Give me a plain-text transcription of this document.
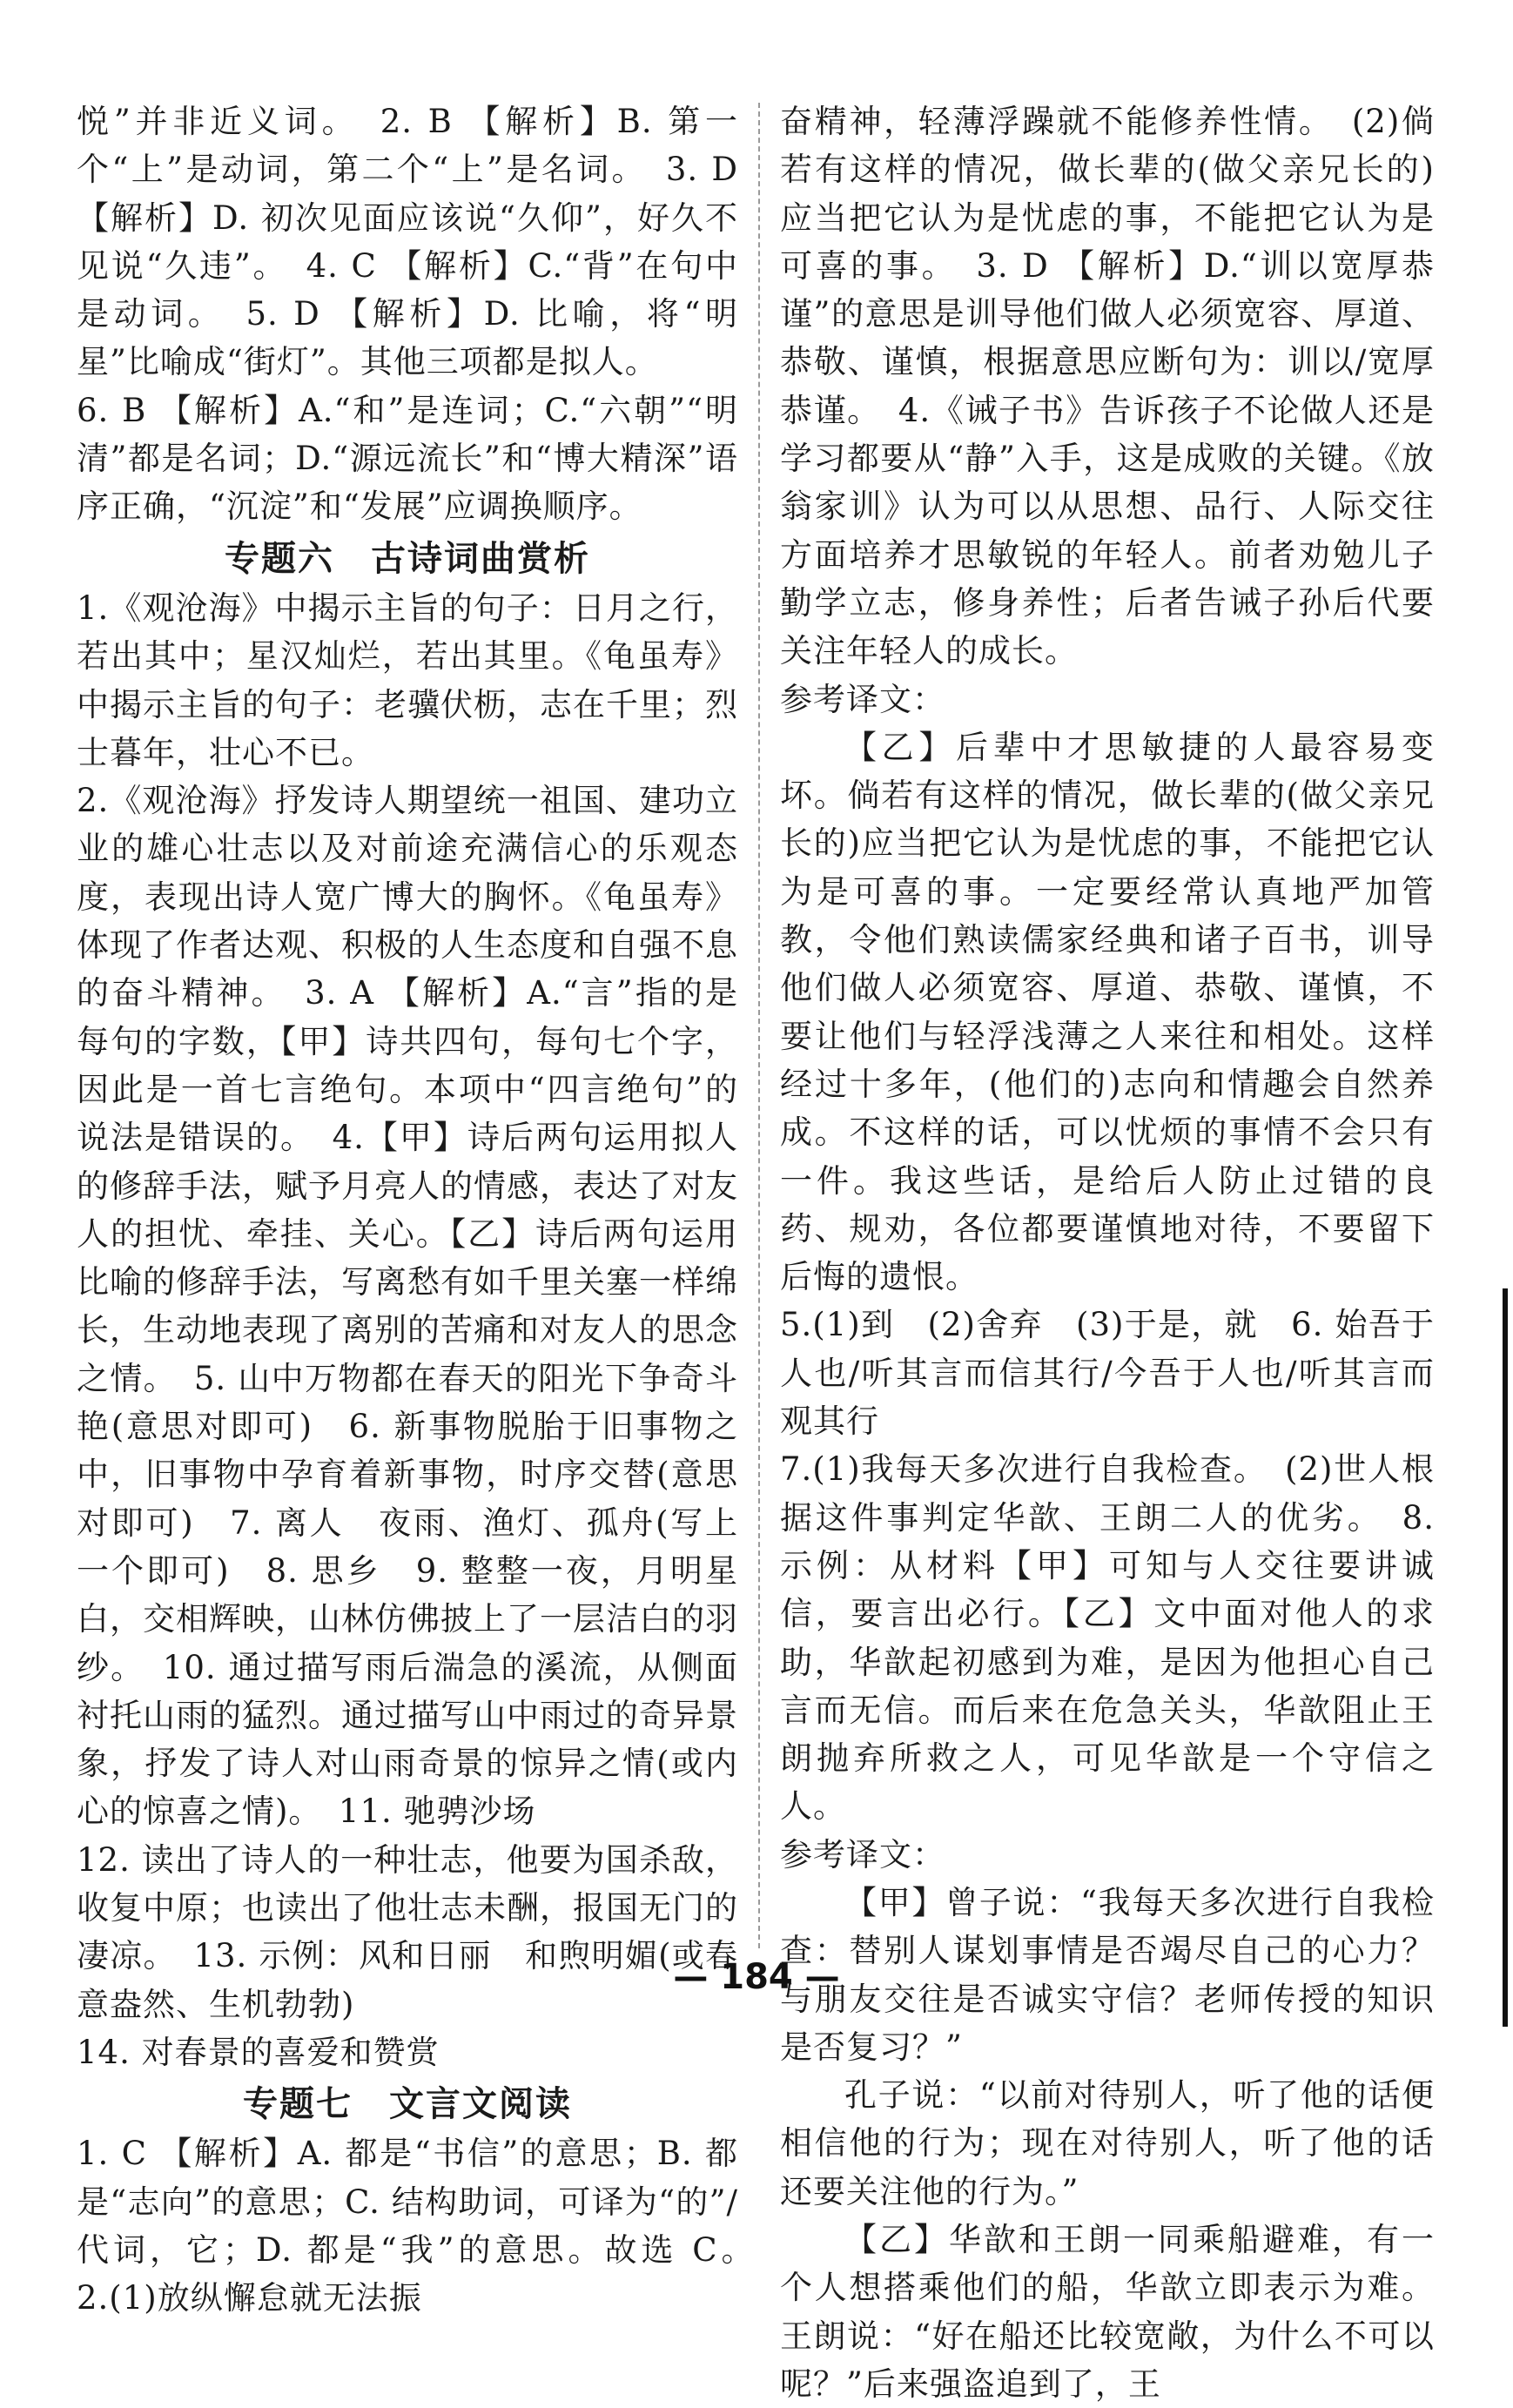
悦”并非近义词。　2. B 【解析】B. 第一个“上”是动词，第二个“上”是名词。　3. D 【解析】D. 初次见面应该说“久仰”，好久不见说“久违”。　4. C 【解析】C.“背”在句中是动词。　5. D 【解析】D. 比喻，将“明星”比喻成“街灯”。其他三项都是拟人。

6. B 【解析】A.“和”是连词；C.“六朝”“明清”都是名词；D.“源远流长”和“博大精深”语序正确，“沉淀”和“发展”应调换顺序。

专题六　古诗词曲赏析

1.《观沧海》中揭示主旨的句子：日月之行，若出其中；星汉灿烂，若出其里。《龟虽寿》中揭示主旨的句子：老骥伏枥，志在千里；烈士暮年，壮心不已。

2.《观沧海》抒发诗人期望统一祖国、建功立业的雄心壮志以及对前途充满信心的乐观态度，表现出诗人宽广博大的胸怀。《龟虽寿》体现了作者达观、积极的人生态度和自强不息的奋斗精神。　3. A 【解析】A.“言”指的是每句的字数，【甲】诗共四句，每句七个字，因此是一首七言绝句。本项中“四言绝句”的说法是错误的。　4.【甲】诗后两句运用拟人的修辞手法，赋予月亮人的情感，表达了对友人的担忧、牵挂、关心。【乙】诗后两句运用比喻的修辞手法，写离愁有如千里关塞一样绵长，生动地表现了离别的苦痛和对友人的思念之情。　5. 山中万物都在春天的阳光下争奇斗艳(意思对即可)　6. 新事物脱胎于旧事物之中，旧事物中孕育着新事物，时序交替(意思对即可)　7. 离人　夜雨、渔灯、孤舟(写上一个即可)　8. 思乡　9. 整整一夜，月明星白，交相辉映，山林仿佛披上了一层洁白的羽纱。　10. 通过描写雨后湍急的溪流，从侧面衬托山雨的猛烈。通过描写山中雨过的奇异景象，抒发了诗人对山雨奇景的惊异之情(或内心的惊喜之情)。　11. 驰骋沙场

12. 读出了诗人的一种壮志，他要为国杀敌，收复中原；也读出了他壮志未酬，报国无门的凄凉。　13. 示例：风和日丽　和煦明媚(或春意盎然、生机勃勃)

14. 对春景的喜爱和赞赏

专题七　文言文阅读

1. C 【解析】A. 都是“书信”的意思；B. 都是“志向”的意思；C. 结构助词，可译为“的”/代词，它；D. 都是“我”的意思。故选 C。　2.(1)放纵懈怠就无法振

奋精神，轻薄浮躁就不能修养性情。　(2)倘若有这样的情况，做长辈的(做父亲兄长的)应当把它认为是忧虑的事，不能把它认为是可喜的事。　3. D 【解析】D.“训以宽厚恭谨”的意思是训导他们做人必须宽容、厚道、恭敬、谨慎，根据意思应断句为：训以/宽厚恭谨。　4.《诫子书》告诉孩子不论做人还是学习都要从“静”入手，这是成败的关键。《放翁家训》认为可以从思想、品行、人际交往方面培养才思敏锐的年轻人。前者劝勉儿子勤学立志，修身养性；后者告诫子孙后代要关注年轻人的成长。

参考译文：

【乙】后辈中才思敏捷的人最容易变坏。倘若有这样的情况，做长辈的(做父亲兄长的)应当把它认为是忧虑的事，不能把它认为是可喜的事。一定要经常认真地严加管教，令他们熟读儒家经典和诸子百书，训导他们做人必须宽容、厚道、恭敬、谨慎，不要让他们与轻浮浅薄之人来往和相处。这样经过十多年，(他们的)志向和情趣会自然养成。不这样的话，可以忧烦的事情不会只有一件。我这些话，是给后人防止过错的良药、规劝，各位都要谨慎地对待，不要留下后悔的遗恨。

5.(1)到　(2)舍弃　(3)于是，就　6. 始吾于人也/听其言而信其行/今吾于人也/听其言而观其行

7.(1)我每天多次进行自我检查。　(2)世人根据这件事判定华歆、王朗二人的优劣。　8. 示例：从材料【甲】可知与人交往要讲诚信，要言出必行。【乙】文中面对他人的求助，华歆起初感到为难，是因为他担心自己言而无信。而后来在危急关头，华歆阻止王朗抛弃所救之人，可见华歆是一个守信之人。

参考译文：

【甲】曾子说：“我每天多次进行自我检查：替别人谋划事情是否竭尽自己的心力？与朋友交往是否诚实守信？老师传授的知识是否复习？”

孔子说：“以前对待别人，听了他的话便相信他的行为；现在对待别人，听了他的话还要关注他的行为。”

【乙】华歆和王朗一同乘船避难，有一个人想搭乘他们的船，华歆立即表示为难。王朗说：“好在船还比较宽敞，为什么不可以呢？”后来强盗追到了，王

— 184 —
